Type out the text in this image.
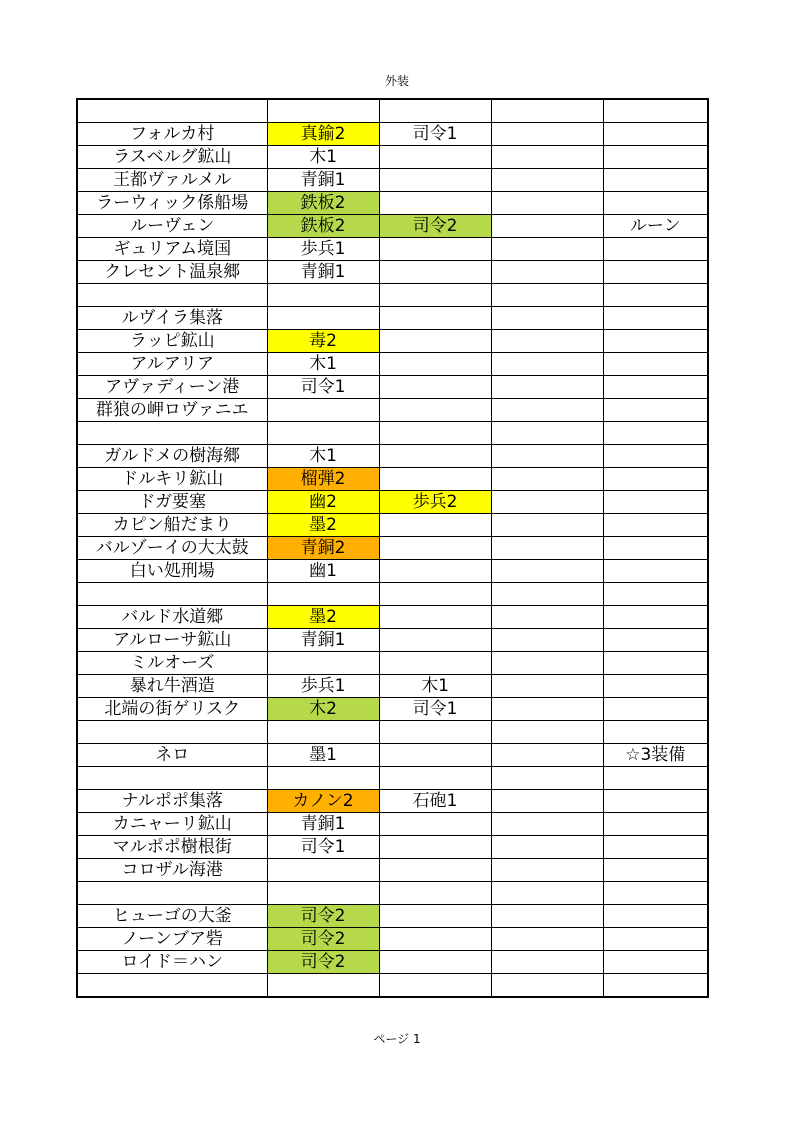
外装

フォルカ村	真鍮2	司令1		
ラスベルグ鉱山	木1			
王都ヴァルメル	青銅1			
ラーウィック係船場	鉄板2			
ルーヴェン	鉄板2	司令2		ルーン
ギュリアム境国	歩兵1			
クレセント温泉郷	青銅1			

ルヴイラ集落				
ラッピ鉱山	毒2			
アルアリア	木1			
アヴァディーン港	司令1			
群狼の岬ロヴァニエ				

ガルドメの樹海郷	木1			
ドルキリ鉱山	榴弾2			
ドガ要塞	幽2	歩兵2		
カピン船だまり	墨2			
バルゾーイの大太鼓	青銅2			
白い処刑場	幽1			

バルド水道郷	墨2			
アルローサ鉱山	青銅1			
ミルオーズ				
暴れ牛酒造	歩兵1	木1		
北端の街ゲリスク	木2	司令1		

ネロ	墨1			☆3装備

ナルポポ集落	カノン2	石砲1		
カニャーリ鉱山	青銅1			
マルポポ樹根街	司令1			
コロザル海港				

ヒューゴの大釜	司令2			
ノーンブア砦	司令2			
ロイド＝ハン	司令2			

ページ 1
